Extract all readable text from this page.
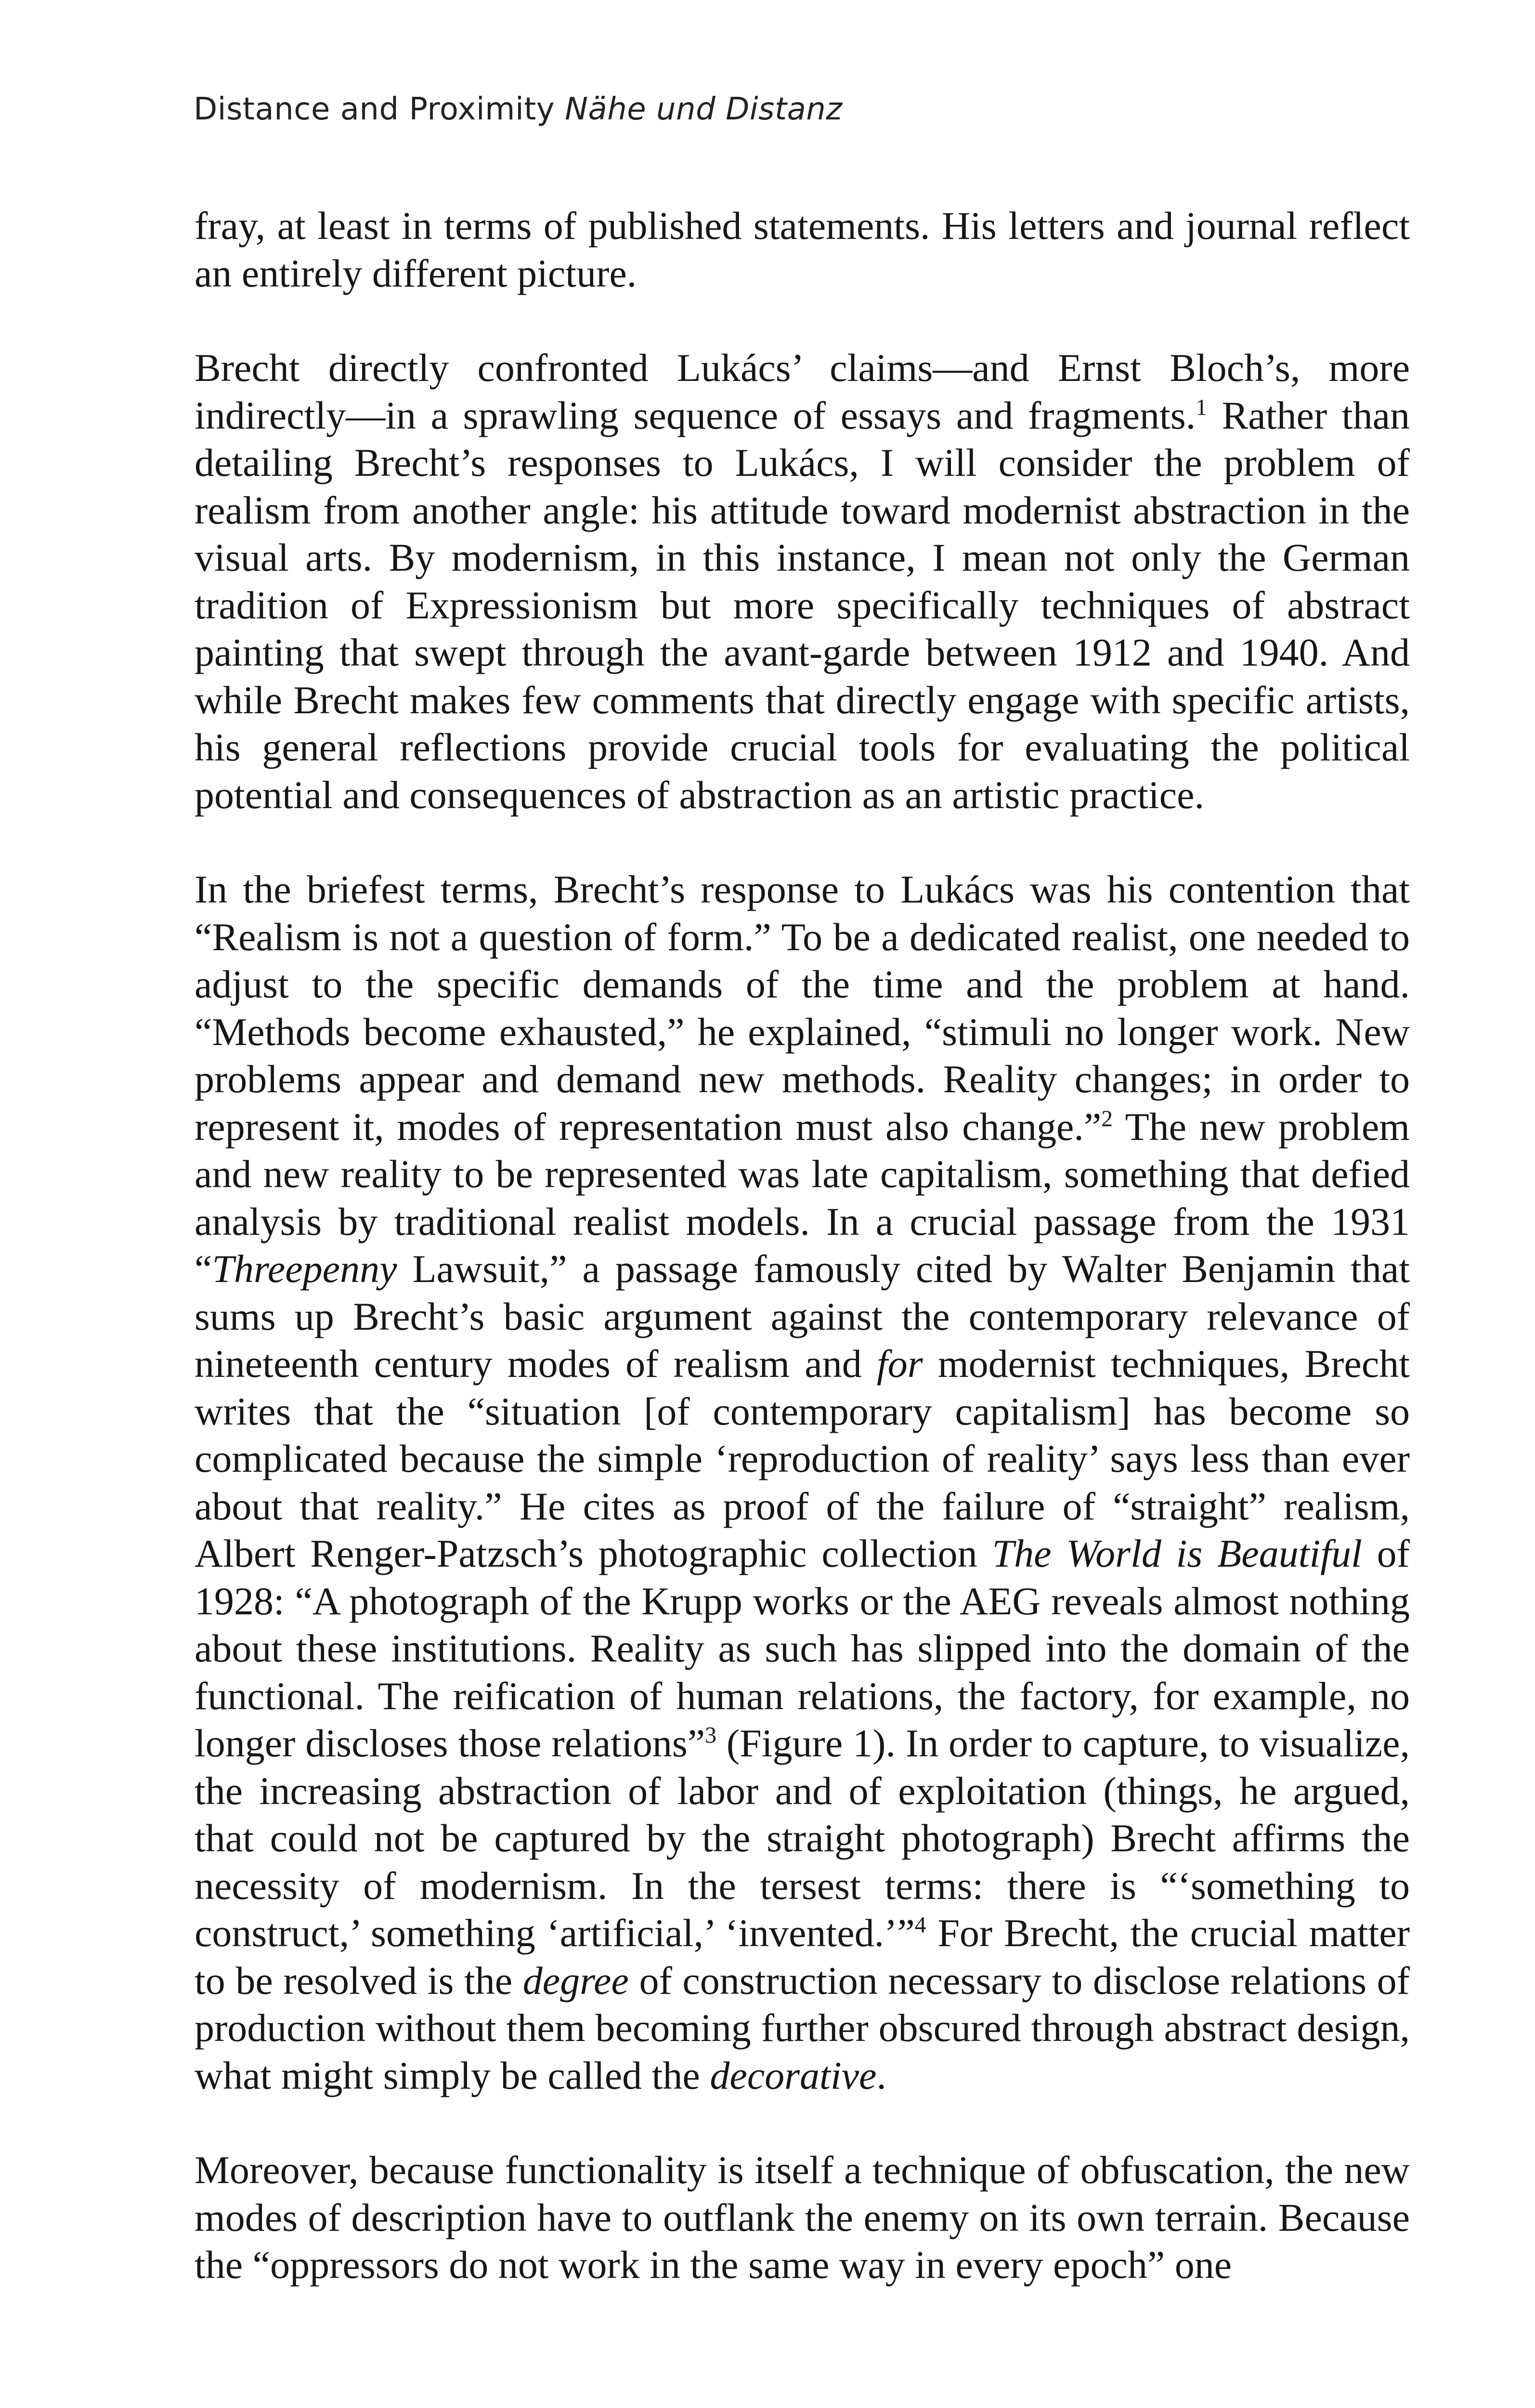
Distance and Proximity Nähe und Distanz

fray, at least in terms of published statements. His letters and journal reflect an entirely different picture.

Brecht directly confronted Lukács’ claims—and Ernst Bloch’s, more indirectly—in a sprawling sequence of essays and fragments.$^1$ Rather than detailing Brecht’s responses to Lukács, I will consider the problem of realism from another angle: his attitude toward modernist abstraction in the visual arts. By modernism, in this instance, I mean not only the German tradition of Expressionism but more specifically techniques of abstract painting that swept through the avant-garde between 1912 and 1940. And while Brecht makes few comments that directly engage with specific artists, his general reflections provide crucial tools for evaluating the political potential and consequences of abstraction as an artistic practice.

In the briefest terms, Brecht’s response to Lukács was his contention that “Realism is not a question of form.” To be a dedicated realist, one needed to adjust to the specific demands of the time and the problem at hand. “Methods become exhausted,” he explained, “stimuli no longer work. New problems appear and demand new methods. Reality changes; in order to represent it, modes of representation must also change.”$^2$ The new problem and new reality to be represented was late capitalism, something that defied analysis by traditional realist models. In a crucial passage from the 1931 “Threepenny Lawsuit,” a passage famously cited by Walter Benjamin that sums up Brecht’s basic argument against the contemporary relevance of nineteenth century modes of realism and for modernist techniques, Brecht writes that the “situation [of contemporary capitalism] has become so complicated because the simple ‘reproduction of reality’ says less than ever about that reality.” He cites as proof of the failure of “straight” realism, Albert Renger-Patzsch’s photographic collection The World is Beautiful of 1928: “A photograph of the Krupp works or the AEG reveals almost nothing about these institutions. Reality as such has slipped into the domain of the functional. The reification of human relations, the factory, for example, no longer discloses those relations”$^3$ (Figure 1). In order to capture, to visualize, the increasing abstraction of labor and of exploitation (things, he argued, that could not be captured by the straight photograph) Brecht affirms the necessity of modernism. In the tersest terms: there is “‘something to construct,’ something ‘artificial,’ ‘invented.’”$^4$ For Brecht, the crucial matter to be resolved is the degree of construction necessary to disclose relations of production without them becoming further obscured through abstract design, what might simply be called the decorative.

Moreover, because functionality is itself a technique of obfuscation, the new modes of description have to outflank the enemy on its own terrain. Because the “oppressors do not work in the same way in every epoch” one
